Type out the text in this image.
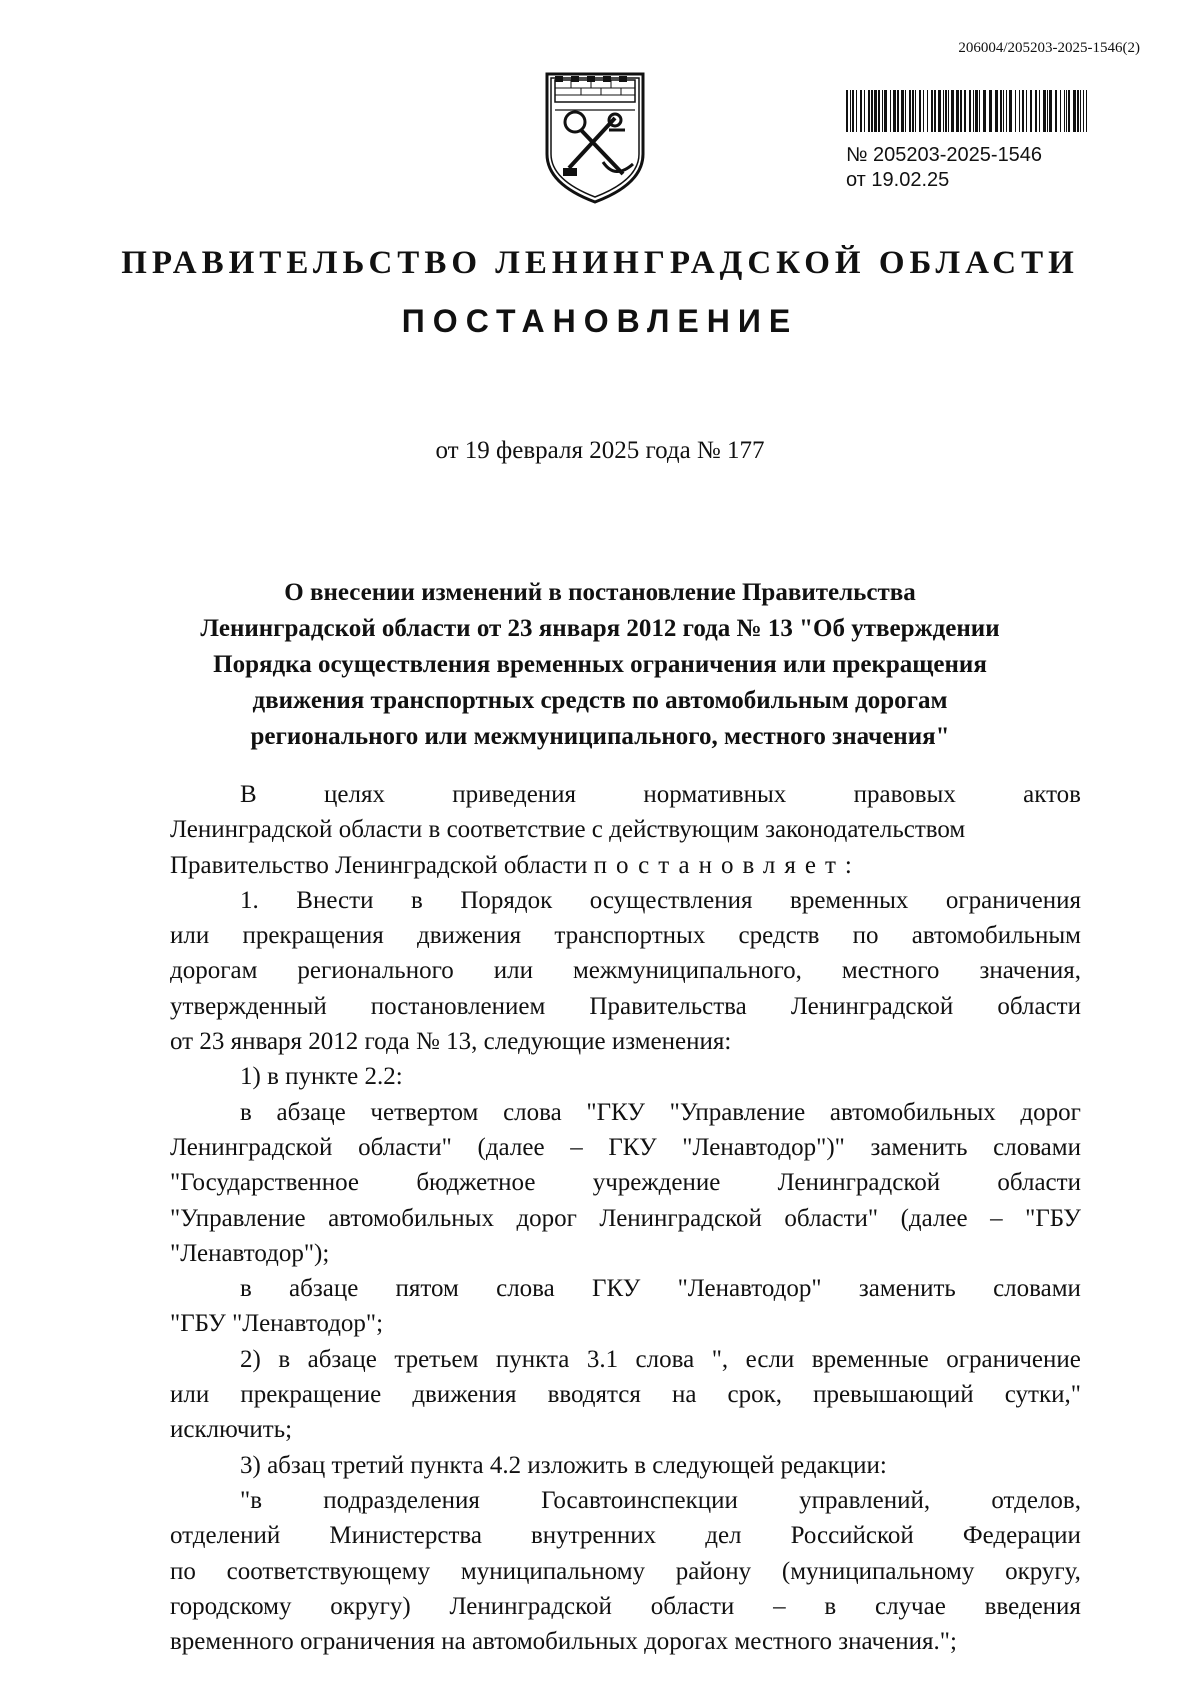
206004/205203-2025-1546(2)
№ 205203-2025-1546
от 19.02.25
ПРАВИТЕЛЬСТВО ЛЕНИНГРАДСКОЙ ОБЛАСТИ
ПОСТАНОВЛЕНИЕ
от 19 февраля 2025 года № 177
О внесении изменений в постановление Правительства
Ленинградской области от 23 января 2012 года № 13 "Об утверждении
Порядка осуществления временных ограничения или прекращения
движения транспортных средств по автомобильным дорогам
регионального или межмуниципального, местного значения"
В	целях	приведения	нормативных	правовых	актов
Ленинградской области в соответствие с действующим законодательством
Правительство Ленинградской области постановляет:
1. Внести в Порядок осуществления временных ограничения
или прекращения движения транспортных средств по автомобильным
дорогам регионального или межмуниципального, местного значения,
утвержденный постановлением Правительства Ленинградской области
от 23 января 2012 года № 13, следующие изменения:
1) в пункте 2.2:
в абзаце четвертом слова "ГКУ "Управление автомобильных дорог
Ленинградской области" (далее – ГКУ "Ленавтодор")" заменить словами
"Государственное бюджетное учреждение Ленинградской области
"Управление автомобильных дорог Ленинградской области" (далее – "ГБУ
"Ленавтодор");
в абзаце пятом слова ГКУ "Ленавтодор" заменить словами
"ГБУ "Ленавтодор";
2) в абзаце третьем пункта 3.1 слова ", если временные ограничение
или прекращение движения вводятся на срок, превышающий сутки,"
исключить;
3) абзац третий пункта 4.2 изложить в следующей редакции:
"в подразделения Госавтоинспекции управлений, отделов,
отделений Министерства внутренних дел Российской Федерации
по соответствующему муниципальному району (муниципальному округу,
городскому округу) Ленинградской области – в случае введения
временного ограничения на автомобильных дорогах местного значения.";
